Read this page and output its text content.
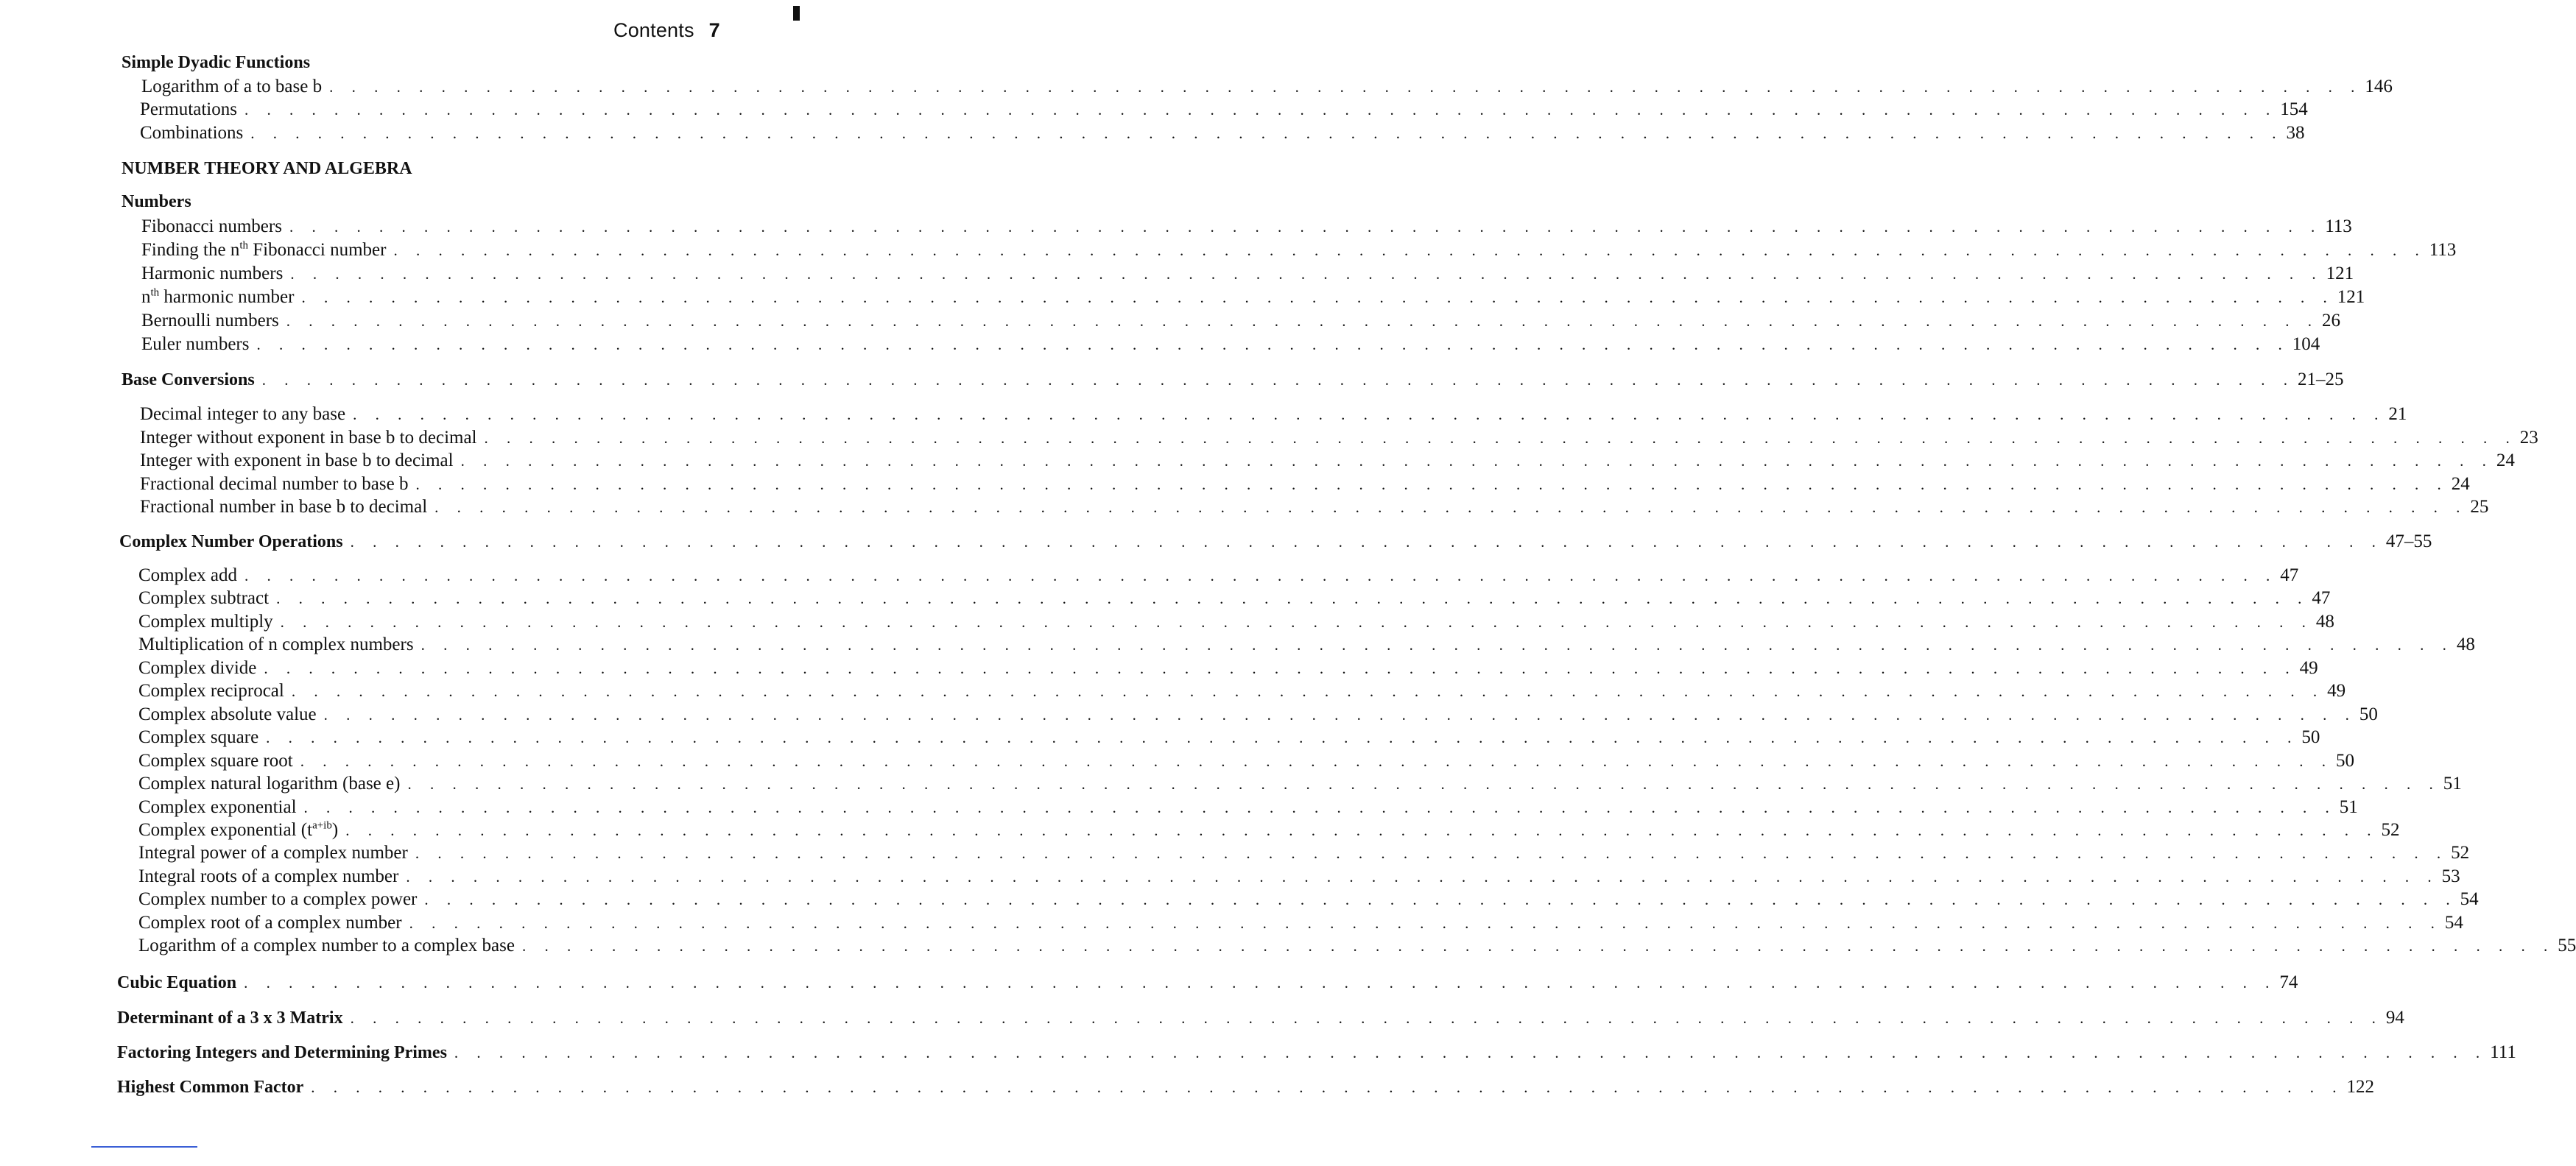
Contents 7
Simple Dyadic Functions
Logarithm of a to base b . . . . . . . . . . . . . . . . . . . . . . . . . . . . . . . . . . . . . . . . . . . . . . . . . . . . . . . . . . . . . . . . . . . . . . . . . . . . . . . . . . . . . . . . . . . 146
Permutations . . . . . . . . . . . . . . . . . . . . . . . . . . . . . . . . . . . . . . . . . . . . . . . . . . . . . . . . . . . . . . . . . . . . . . . . . . . . . . . . . . . . . . . . . . . 154
Combinations . . . . . . . . . . . . . . . . . . . . . . . . . . . . . . . . . . . . . . . . . . . . . . . . . . . . . . . . . . . . . . . . . . . . . . . . . . . . . . . . . . . . . . . . . . . 38
NUMBER THEORY AND ALGEBRA
Numbers
Fibonacci numbers . . . . . . . . . . . . . . . . . . . . . . . . . . . . . . . . . . . . . . . . . . . . . . . . . . . . . . . . . . . . . . . . . . . . . . . . . . . . . . . . . . . . . . . . . . . 113
Finding the $n^{th}$ Fibonacci number . . . . . . . . . . . . . . . . . . . . . . . . . . . . . . . . . . . . . . . . . . . . . . . . . . . . . . . . . . . . . . . . . . . . . . . . . . . . . . . . . . . . . . . . . . . 113
Harmonic numbers . . . . . . . . . . . . . . . . . . . . . . . . . . . . . . . . . . . . . . . . . . . . . . . . . . . . . . . . . . . . . . . . . . . . . . . . . . . . . . . . . . . . . . . . . . . 121
$n^{th}$ harmonic number . . . . . . . . . . . . . . . . . . . . . . . . . . . . . . . . . . . . . . . . . . . . . . . . . . . . . . . . . . . . . . . . . . . . . . . . . . . . . . . . . . . . . . . . . . . 121
Bernoulli numbers . . . . . . . . . . . . . . . . . . . . . . . . . . . . . . . . . . . . . . . . . . . . . . . . . . . . . . . . . . . . . . . . . . . . . . . . . . . . . . . . . . . . . . . . . . . 26
Euler numbers . . . . . . . . . . . . . . . . . . . . . . . . . . . . . . . . . . . . . . . . . . . . . . . . . . . . . . . . . . . . . . . . . . . . . . . . . . . . . . . . . . . . . . . . . . . 104
Base Conversions . . . . . . . . . . . . . . . . . . . . . . . . . . . . . . . . . . . . . . . . . . . . . . . . . . . . . . . . . . . . . . . . . . . . . . . . . . . . . . . . . . . . . . . . . . . 21–25
Decimal integer to any base . . . . . . . . . . . . . . . . . . . . . . . . . . . . . . . . . . . . . . . . . . . . . . . . . . . . . . . . . . . . . . . . . . . . . . . . . . . . . . . . . . . . . . . . . . . 21
Integer without exponent in base b to decimal . . . . . . . . . . . . . . . . . . . . . . . . . . . . . . . . . . . . . . . . . . . . . . . . . . . . . . . . . . . . . . . . . . . . . . . . . . . . . . . . . . . . . . . . . . . 23
Integer with exponent in base b to decimal . . . . . . . . . . . . . . . . . . . . . . . . . . . . . . . . . . . . . . . . . . . . . . . . . . . . . . . . . . . . . . . . . . . . . . . . . . . . . . . . . . . . . . . . . . . 24
Fractional decimal number to base b . . . . . . . . . . . . . . . . . . . . . . . . . . . . . . . . . . . . . . . . . . . . . . . . . . . . . . . . . . . . . . . . . . . . . . . . . . . . . . . . . . . . . . . . . . . 24
Fractional number in base b to decimal . . . . . . . . . . . . . . . . . . . . . . . . . . . . . . . . . . . . . . . . . . . . . . . . . . . . . . . . . . . . . . . . . . . . . . . . . . . . . . . . . . . . . . . . . . . 25
Complex Number Operations . . . . . . . . . . . . . . . . . . . . . . . . . . . . . . . . . . . . . . . . . . . . . . . . . . . . . . . . . . . . . . . . . . . . . . . . . . . . . . . . . . . . . . . . . . . 47–55
Complex add . . . . . . . . . . . . . . . . . . . . . . . . . . . . . . . . . . . . . . . . . . . . . . . . . . . . . . . . . . . . . . . . . . . . . . . . . . . . . . . . . . . . . . . . . . . 47
Complex subtract . . . . . . . . . . . . . . . . . . . . . . . . . . . . . . . . . . . . . . . . . . . . . . . . . . . . . . . . . . . . . . . . . . . . . . . . . . . . . . . . . . . . . . . . . . . 47
Complex multiply . . . . . . . . . . . . . . . . . . . . . . . . . . . . . . . . . . . . . . . . . . . . . . . . . . . . . . . . . . . . . . . . . . . . . . . . . . . . . . . . . . . . . . . . . . . 48
Multiplication of n complex numbers . . . . . . . . . . . . . . . . . . . . . . . . . . . . . . . . . . . . . . . . . . . . . . . . . . . . . . . . . . . . . . . . . . . . . . . . . . . . . . . . . . . . . . . . . . . 48
Complex divide . . . . . . . . . . . . . . . . . . . . . . . . . . . . . . . . . . . . . . . . . . . . . . . . . . . . . . . . . . . . . . . . . . . . . . . . . . . . . . . . . . . . . . . . . . . 49
Complex reciprocal . . . . . . . . . . . . . . . . . . . . . . . . . . . . . . . . . . . . . . . . . . . . . . . . . . . . . . . . . . . . . . . . . . . . . . . . . . . . . . . . . . . . . . . . . . . 49
Complex absolute value . . . . . . . . . . . . . . . . . . . . . . . . . . . . . . . . . . . . . . . . . . . . . . . . . . . . . . . . . . . . . . . . . . . . . . . . . . . . . . . . . . . . . . . . . . . 50
Complex square . . . . . . . . . . . . . . . . . . . . . . . . . . . . . . . . . . . . . . . . . . . . . . . . . . . . . . . . . . . . . . . . . . . . . . . . . . . . . . . . . . . . . . . . . . . 50
Complex square root . . . . . . . . . . . . . . . . . . . . . . . . . . . . . . . . . . . . . . . . . . . . . . . . . . . . . . . . . . . . . . . . . . . . . . . . . . . . . . . . . . . . . . . . . . . 50
Complex natural logarithm (base e) . . . . . . . . . . . . . . . . . . . . . . . . . . . . . . . . . . . . . . . . . . . . . . . . . . . . . . . . . . . . . . . . . . . . . . . . . . . . . . . . . . . . . . . . . . . 51
Complex exponential . . . . . . . . . . . . . . . . . . . . . . . . . . . . . . . . . . . . . . . . . . . . . . . . . . . . . . . . . . . . . . . . . . . . . . . . . . . . . . . . . . . . . . . . . . . 51
Complex exponential $(t^{a+ib})$ . . . . . . . . . . . . . . . . . . . . . . . . . . . . . . . . . . . . . . . . . . . . . . . . . . . . . . . . . . . . . . . . . . . . . . . . . . . . . . . . . . . . . . . . . . . 52
Integral power of a complex number . . . . . . . . . . . . . . . . . . . . . . . . . . . . . . . . . . . . . . . . . . . . . . . . . . . . . . . . . . . . . . . . . . . . . . . . . . . . . . . . . . . . . . . . . . . 52
Integral roots of a complex number . . . . . . . . . . . . . . . . . . . . . . . . . . . . . . . . . . . . . . . . . . . . . . . . . . . . . . . . . . . . . . . . . . . . . . . . . . . . . . . . . . . . . . . . . . . 53
Complex number to a complex power . . . . . . . . . . . . . . . . . . . . . . . . . . . . . . . . . . . . . . . . . . . . . . . . . . . . . . . . . . . . . . . . . . . . . . . . . . . . . . . . . . . . . . . . . . . 54
Complex root of a complex number . . . . . . . . . . . . . . . . . . . . . . . . . . . . . . . . . . . . . . . . . . . . . . . . . . . . . . . . . . . . . . . . . . . . . . . . . . . . . . . . . . . . . . . . . . . 54
Logarithm of a complex number to a complex base . . . . . . . . . . . . . . . . . . . . . . . . . . . . . . . . . . . . . . . . . . . . . . . . . . . . . . . . . . . . . . . . . . . . . . . . . . . . . . . . . . . . . . . . . . . 55
Cubic Equation . . . . . . . . . . . . . . . . . . . . . . . . . . . . . . . . . . . . . . . . . . . . . . . . . . . . . . . . . . . . . . . . . . . . . . . . . . . . . . . . . . . . . . . . . . . 74
Determinant of a 3 x 3 Matrix . . . . . . . . . . . . . . . . . . . . . . . . . . . . . . . . . . . . . . . . . . . . . . . . . . . . . . . . . . . . . . . . . . . . . . . . . . . . . . . . . . . . . . . . . . . 94
Factoring Integers and Determining Primes . . . . . . . . . . . . . . . . . . . . . . . . . . . . . . . . . . . . . . . . . . . . . . . . . . . . . . . . . . . . . . . . . . . . . . . . . . . . . . . . . . . . . . . . . . . 111
Highest Common Factor . . . . . . . . . . . . . . . . . . . . . . . . . . . . . . . . . . . . . . . . . . . . . . . . . . . . . . . . . . . . . . . . . . . . . . . . . . . . . . . . . . . . . . . . . . . 122
